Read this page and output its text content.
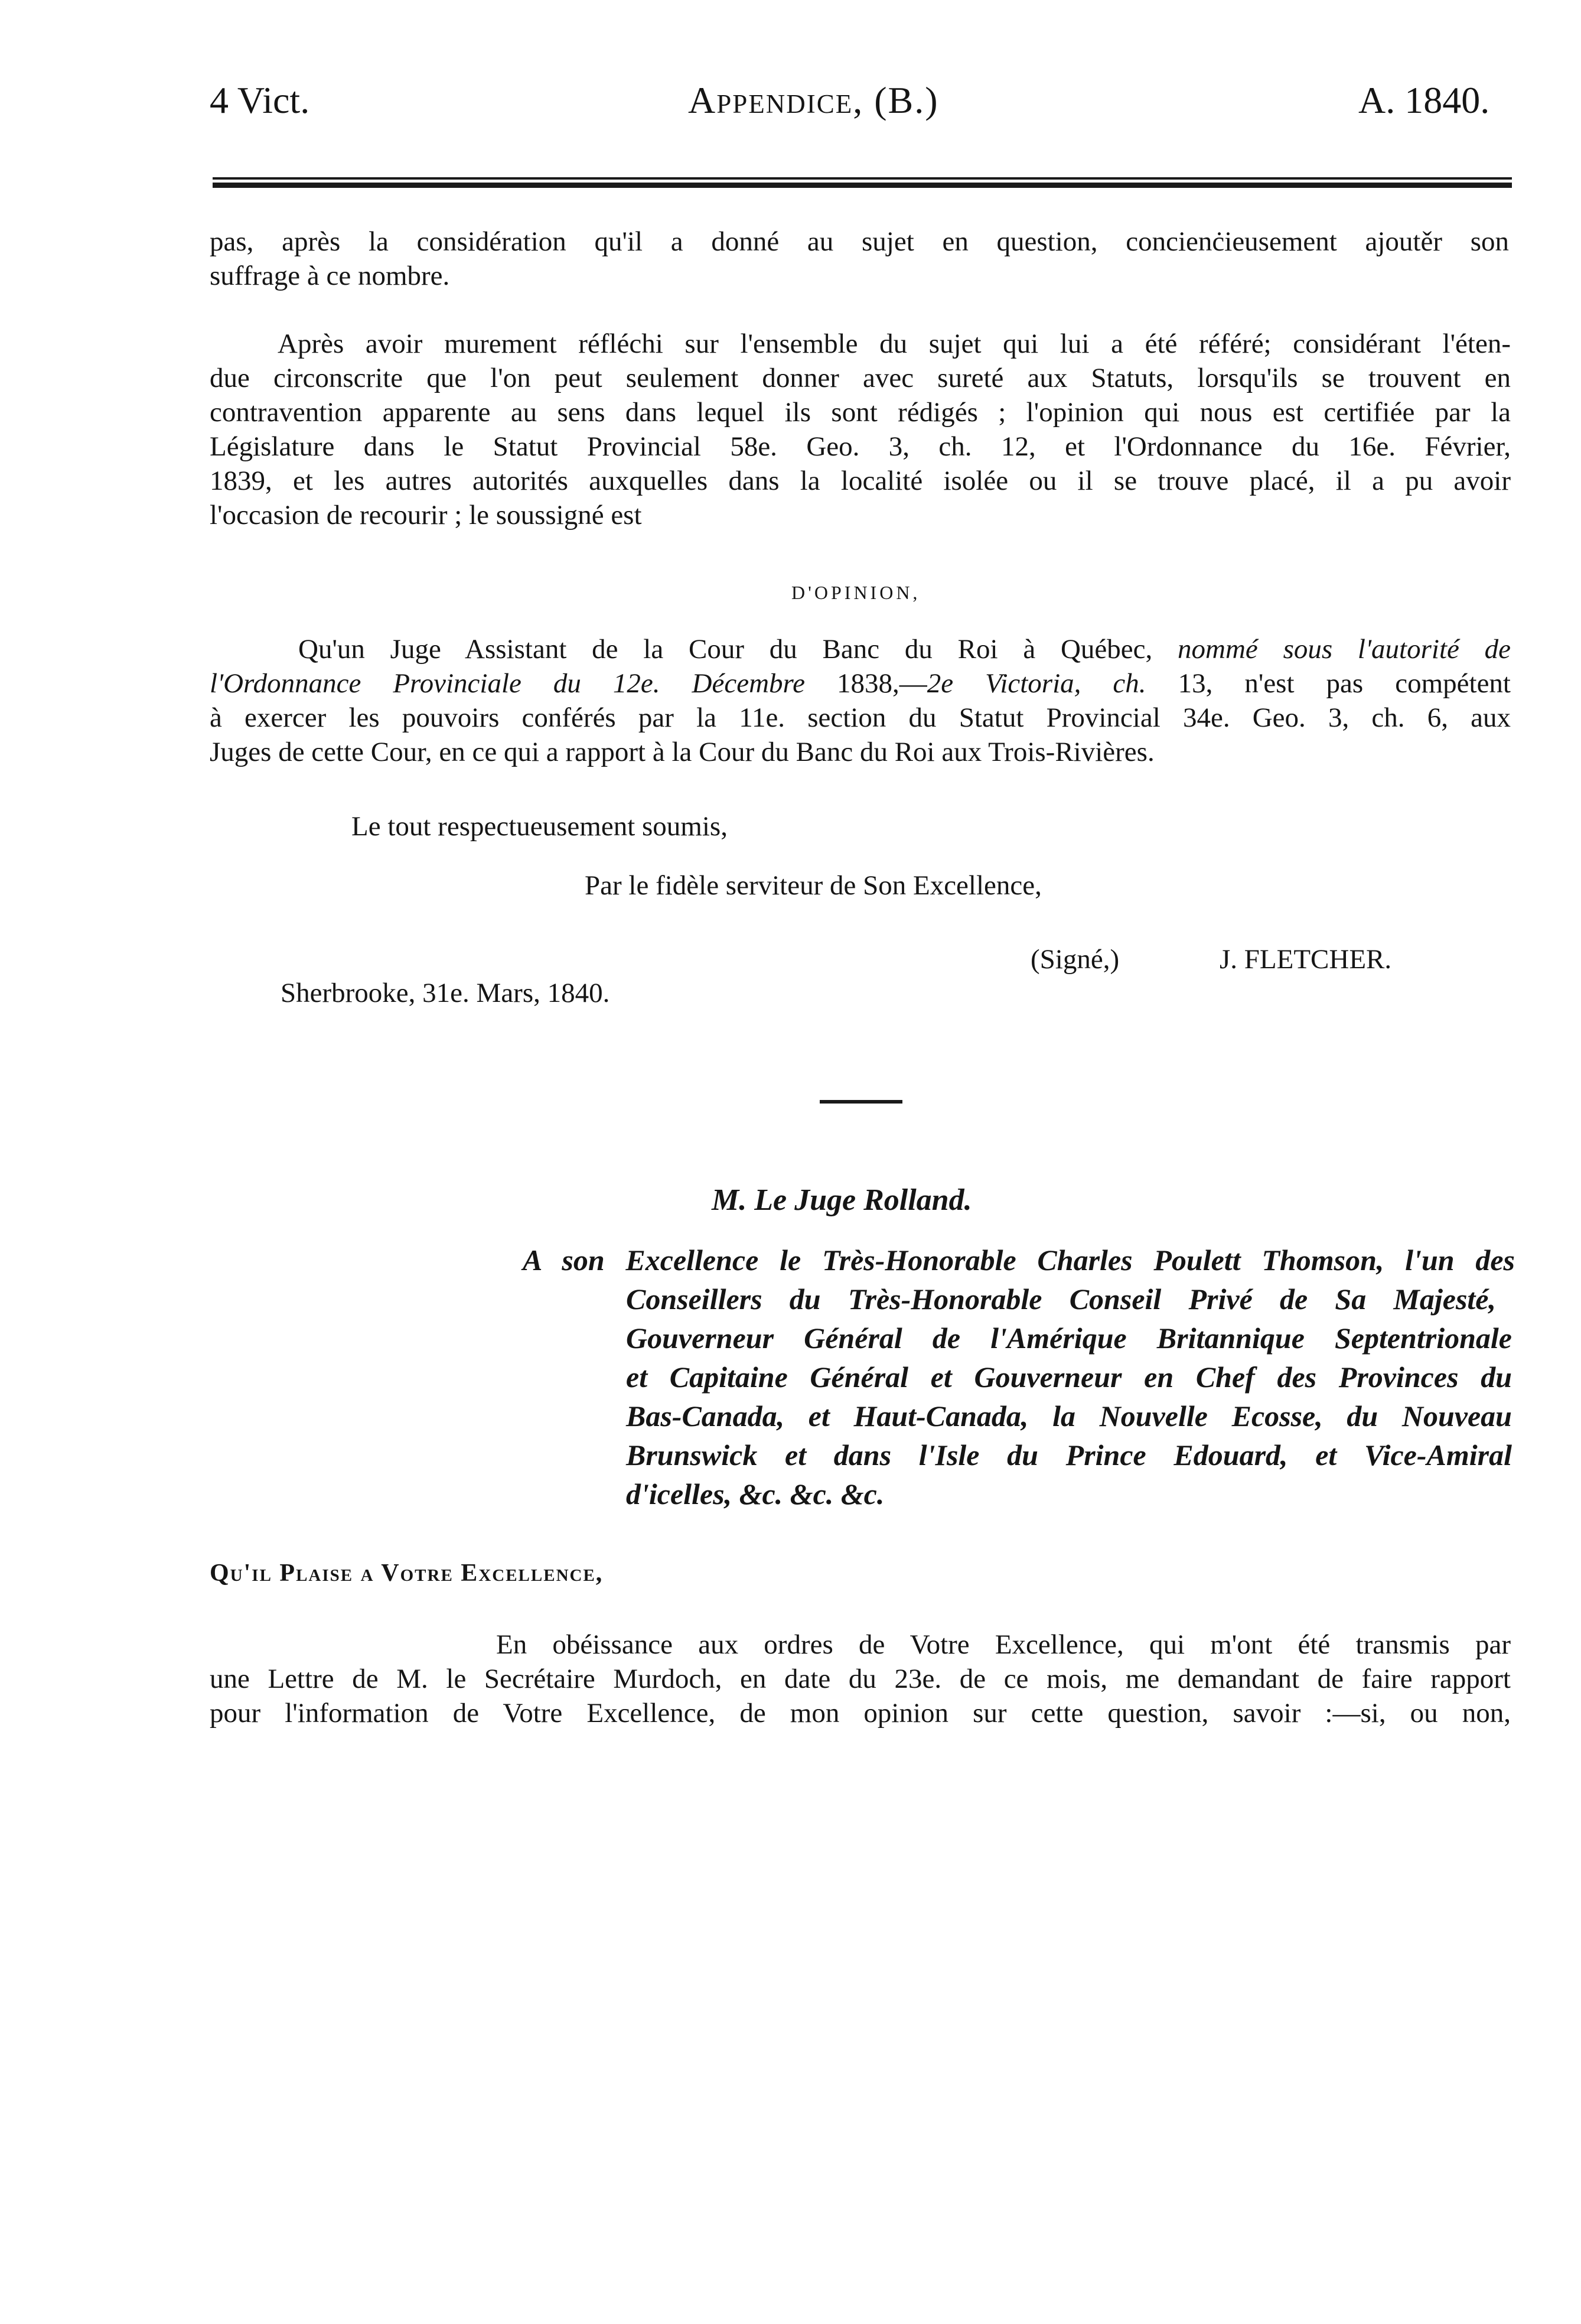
4 Vict.	Appendice, (B.)	A. 1840.
pas, après la considération qu'il a donné au sujet en question, concienċieusement ajoutěr son
suffrage à ce nombre.
Après avoir murement réfléchi sur l'ensemble du sujet qui lui a été référé; considérant l'éten-
due circonscrite que l'on peut seulement donner avec sureté aux Statuts, lorsqu'ils se trouvent en
contravention apparente au sens dans lequel ils sont rédigés ; l'opinion qui nous est certifiée par la
Législature dans le Statut Provincial 58e. Geo. 3, ch. 12, et l'Ordonnance du 16e. Février,
1839, et les autres autorités auxquelles dans la localité isolée ou il se trouve placé, il a pu avoir
l'occasion de recourir ; le soussigné est
D'OPINION,
Qu'un Juge Assistant de la Cour du Banc du Roi à Québec, nommé sous l'autorité de
l'Ordonnance Provinciale du 12e. Décembre 1838,—2e Victoria, ch. 13, n'est pas compétent
à exercer les pouvoirs conférés par la 11e. section du Statut Provincial 34e. Geo. 3, ch. 6, aux
Juges de cette Cour, en ce qui a rapport à la Cour du Banc du Roi aux Trois-Rivières.
Le tout respectueusement soumis,
Par le fidèle serviteur de Son Excellence,
(Signé,)	J. FLETCHER.
Sherbrooke, 31e. Mars, 1840.
M. Le Juge Rolland.
A son Excellence le Très-Honorable Charles Poulett Thomson, l'un des
Conseillers du Très-Honorable Conseil Privé de Sa Majesté,
Gouverneur Général de l'Amérique Britannique Septentrionale
et Capitaine Général et Gouverneur en Chef des Provinces du
Bas-Canada, et Haut-Canada, la Nouvelle Ecosse, du Nouveau
Brunswick et dans l'Isle du Prince Edouard, et Vice-Amiral
d'icelles, &c. &c. &c.
Qu'il Plaise a Votre Excellence,
En obéissance aux ordres de Votre Excellence, qui m'ont été transmis par
une Lettre de M. le Secrétaire Murdoch, en date du 23e. de ce mois, me demandant de faire rapport
pour l'information de Votre Excellence, de mon opinion sur cette question, savoir :—si, ou non,
